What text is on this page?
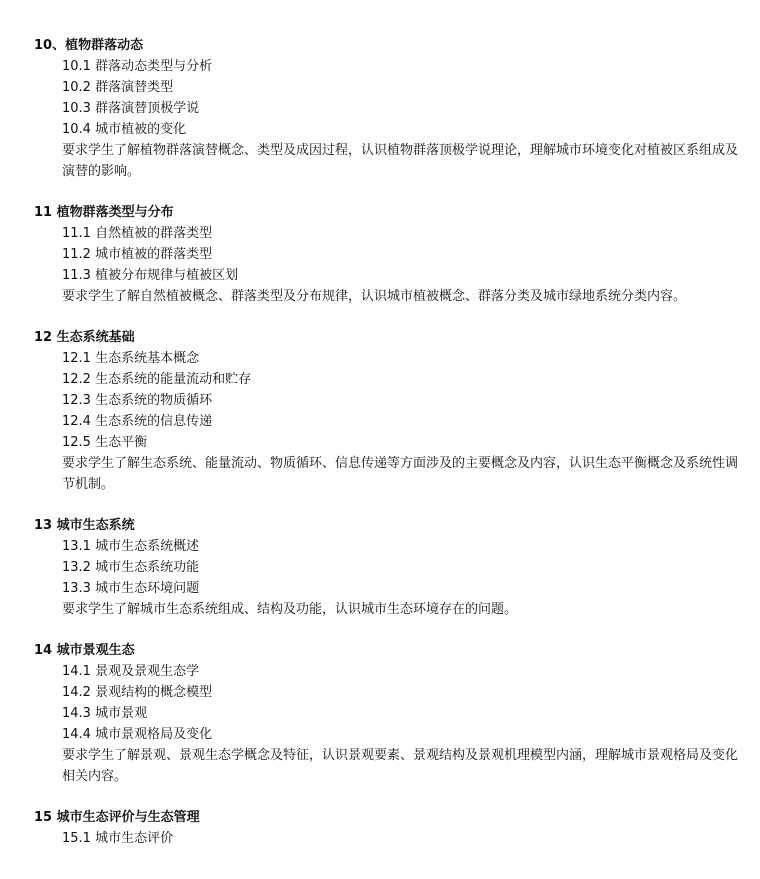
10、植物群落动态
10.1 群落动态类型与分析
10.2 群落演替类型
10.3 群落演替顶极学说
10.4 城市植被的变化
要求学生了解植物群落演替概念、类型及成因过程，认识植物群落顶极学说理论，理解城市环境变化对植被区系组成及演替的影响。
11 植物群落类型与分布
11.1 自然植被的群落类型
11.2 城市植被的群落类型
11.3 植被分布规律与植被区划
要求学生了解自然植被概念、群落类型及分布规律，认识城市植被概念、群落分类及城市绿地系统分类内容。
12 生态系统基础
12.1 生态系统基本概念
12.2 生态系统的能量流动和贮存
12.3 生态系统的物质循环
12.4 生态系统的信息传递
12.5 生态平衡
要求学生了解生态系统、能量流动、物质循环、信息传递等方面涉及的主要概念及内容，认识生态平衡概念及系统性调节机制。
13 城市生态系统
13.1 城市生态系统概述
13.2 城市生态系统功能
13.3 城市生态环境问题
要求学生了解城市生态系统组成、结构及功能，认识城市生态环境存在的问题。
14 城市景观生态
14.1 景观及景观生态学
14.2 景观结构的概念模型
14.3 城市景观
14.4 城市景观格局及变化
要求学生了解景观、景观生态学概念及特征，认识景观要素、景观结构及景观机理模型内涵，理解城市景观格局及变化相关内容。
15 城市生态评价与生态管理
15.1 城市生态评价
